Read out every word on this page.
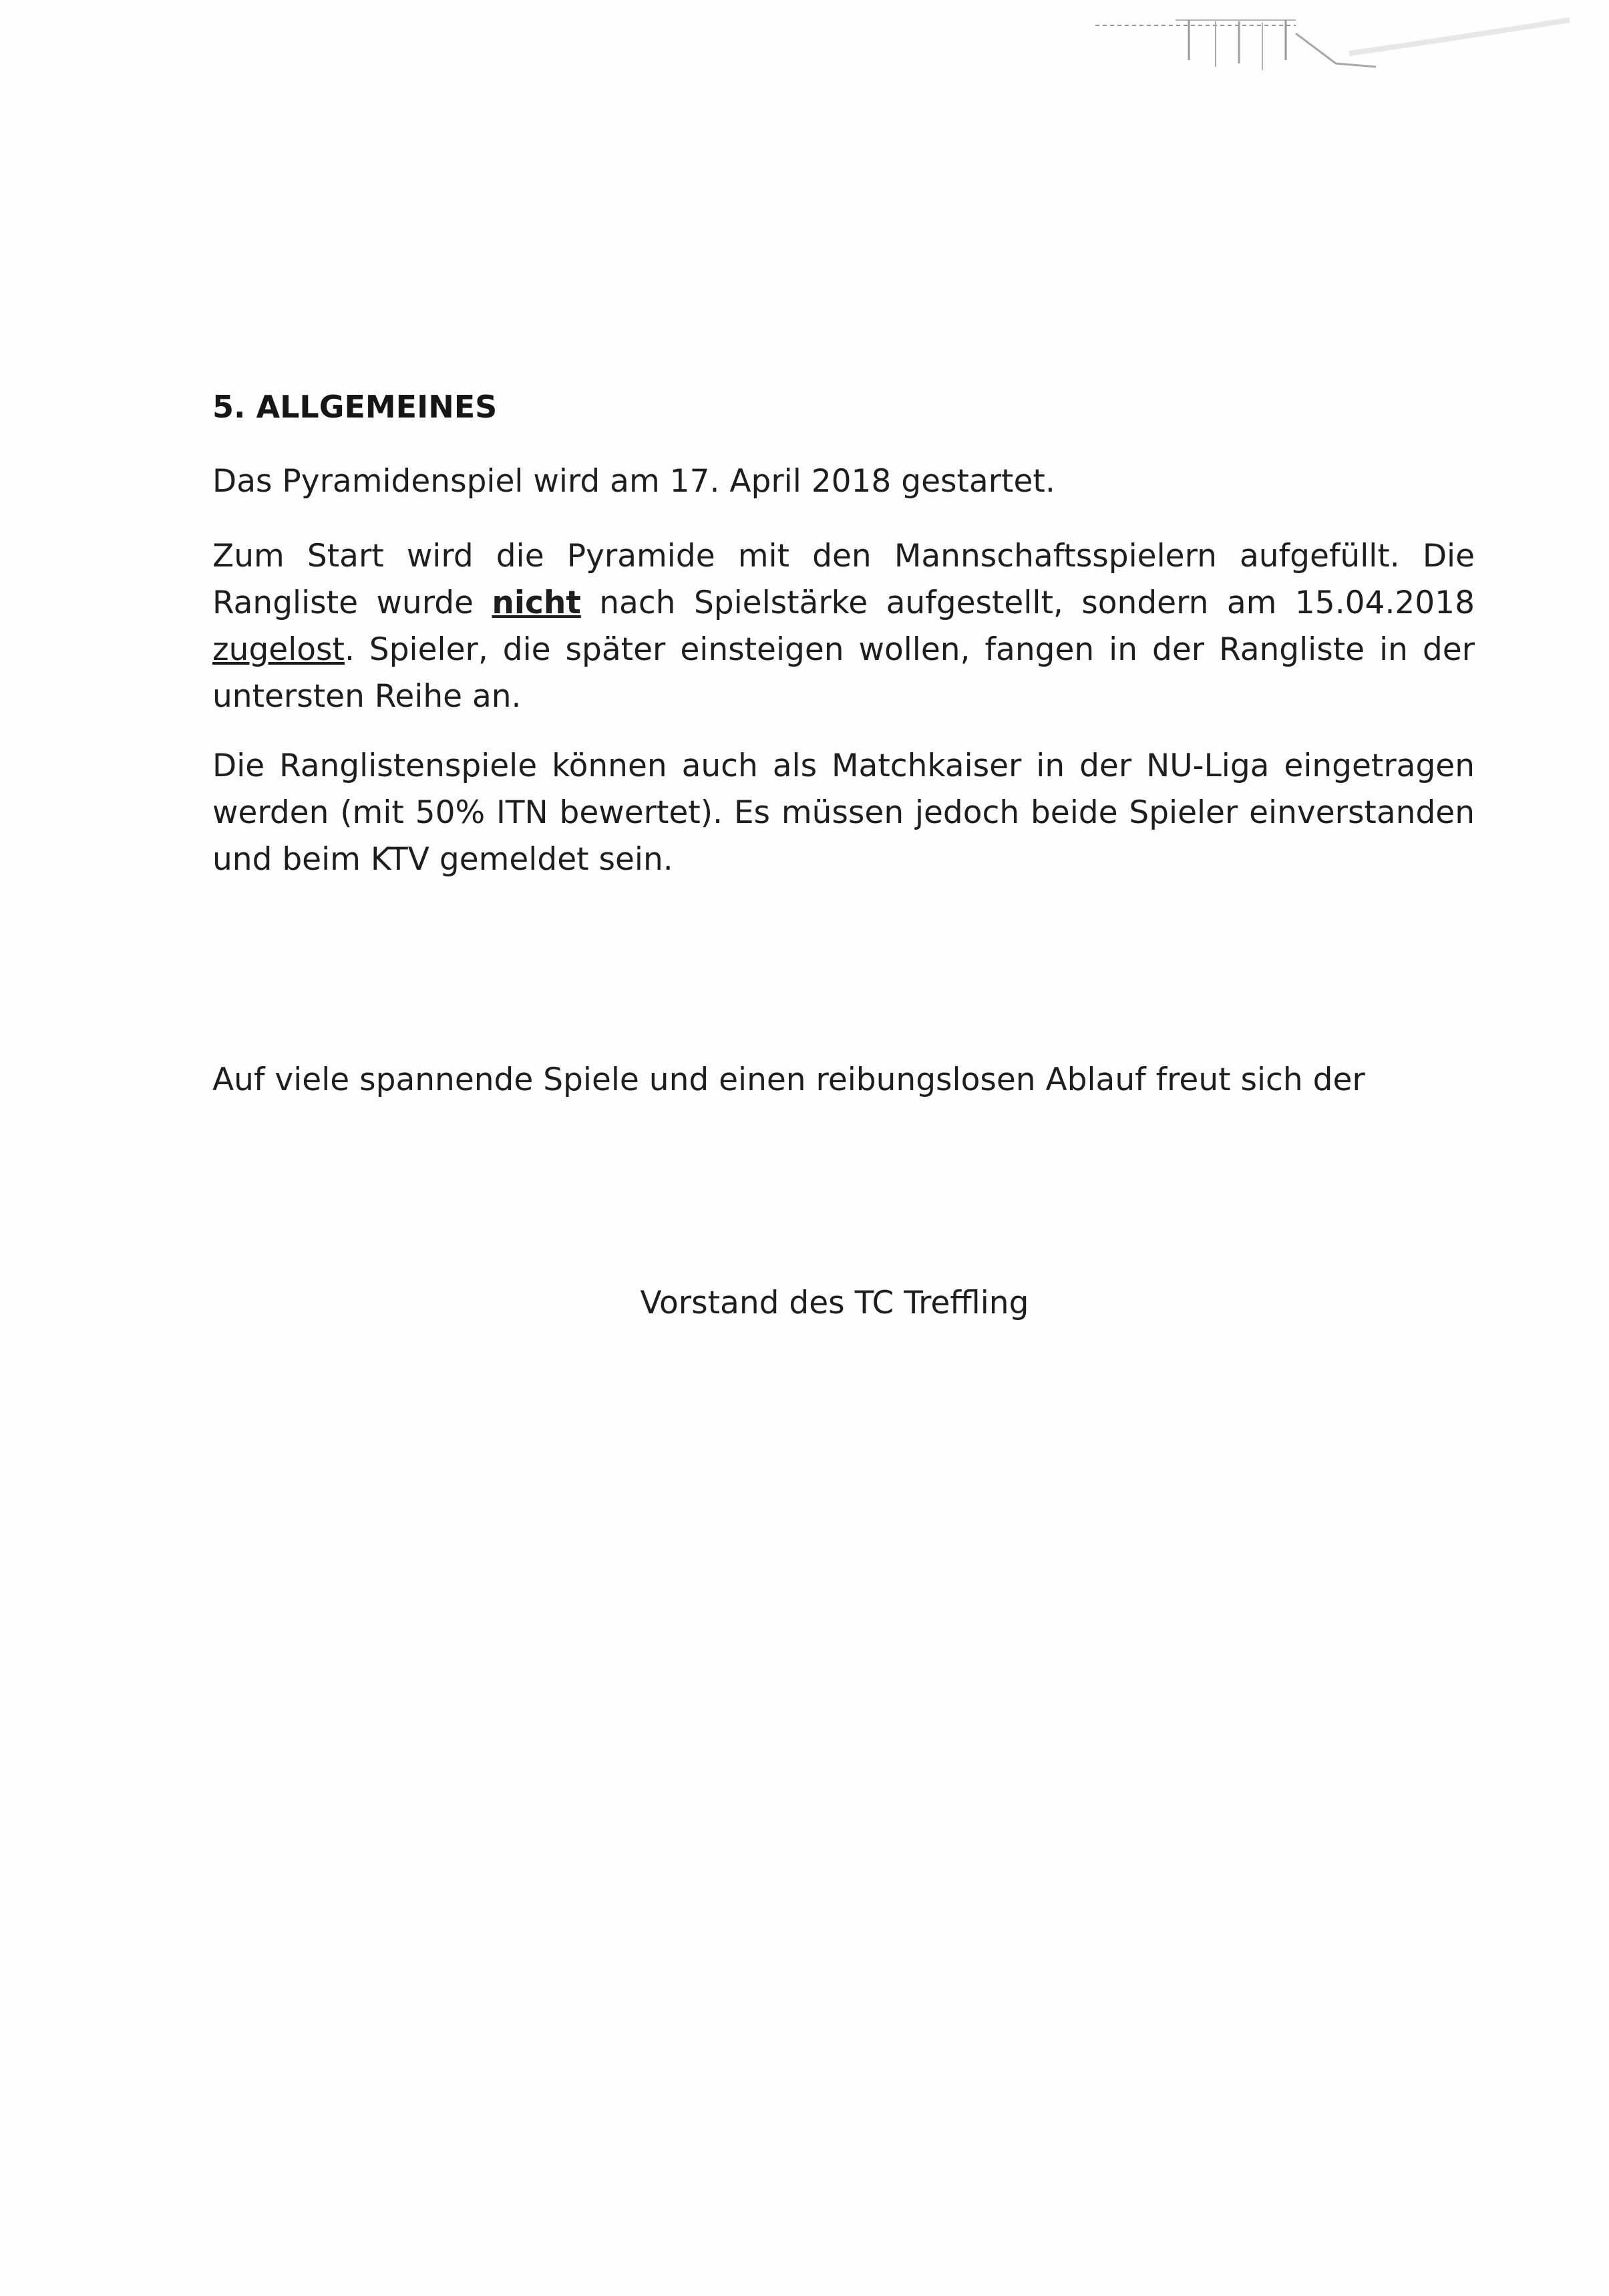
5. ALLGEMEINES

Das Pyramidenspiel wird am 17. April 2018 gestartet.

Zum Start wird die Pyramide mit den Mannschaftsspielern aufgefüllt. Die Rangliste wurde nicht nach Spielstärke aufgestellt, sondern am 15.04.2018 zugelost. Spieler, die später einsteigen wollen, fangen in der Rangliste in der untersten Reihe an.

Die Ranglistenspiele können auch als Matchkaiser in der NU-Liga eingetragen werden (mit 50% ITN bewertet). Es müssen jedoch beide Spieler einverstanden und beim KTV gemeldet sein.

Auf viele spannende Spiele und einen reibungslosen Ablauf freut sich der

Vorstand des TC Treffling
